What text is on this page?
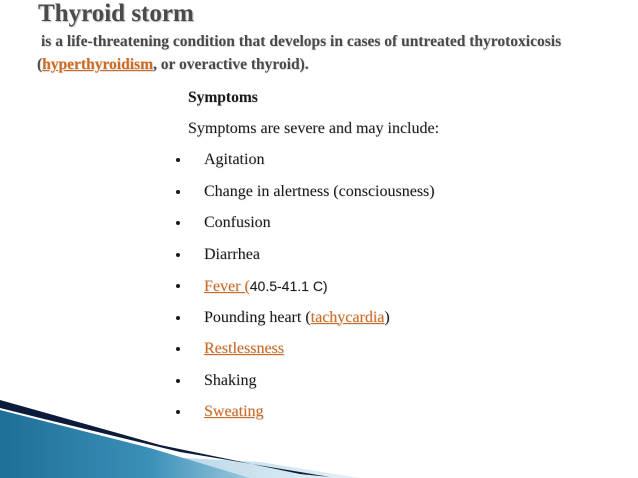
Thyroid storm
is a life-threatening condition that develops in cases of untreated thyrotoxicosis
(hyperthyroidism, or overactive thyroid).
Symptoms
Symptoms are severe and may include:
Agitation
Change in alertness (consciousness)
Confusion
Diarrhea
Fever (40.5-41.1 C)
Pounding heart (tachycardia)
Restlessness
Shaking
Sweating
